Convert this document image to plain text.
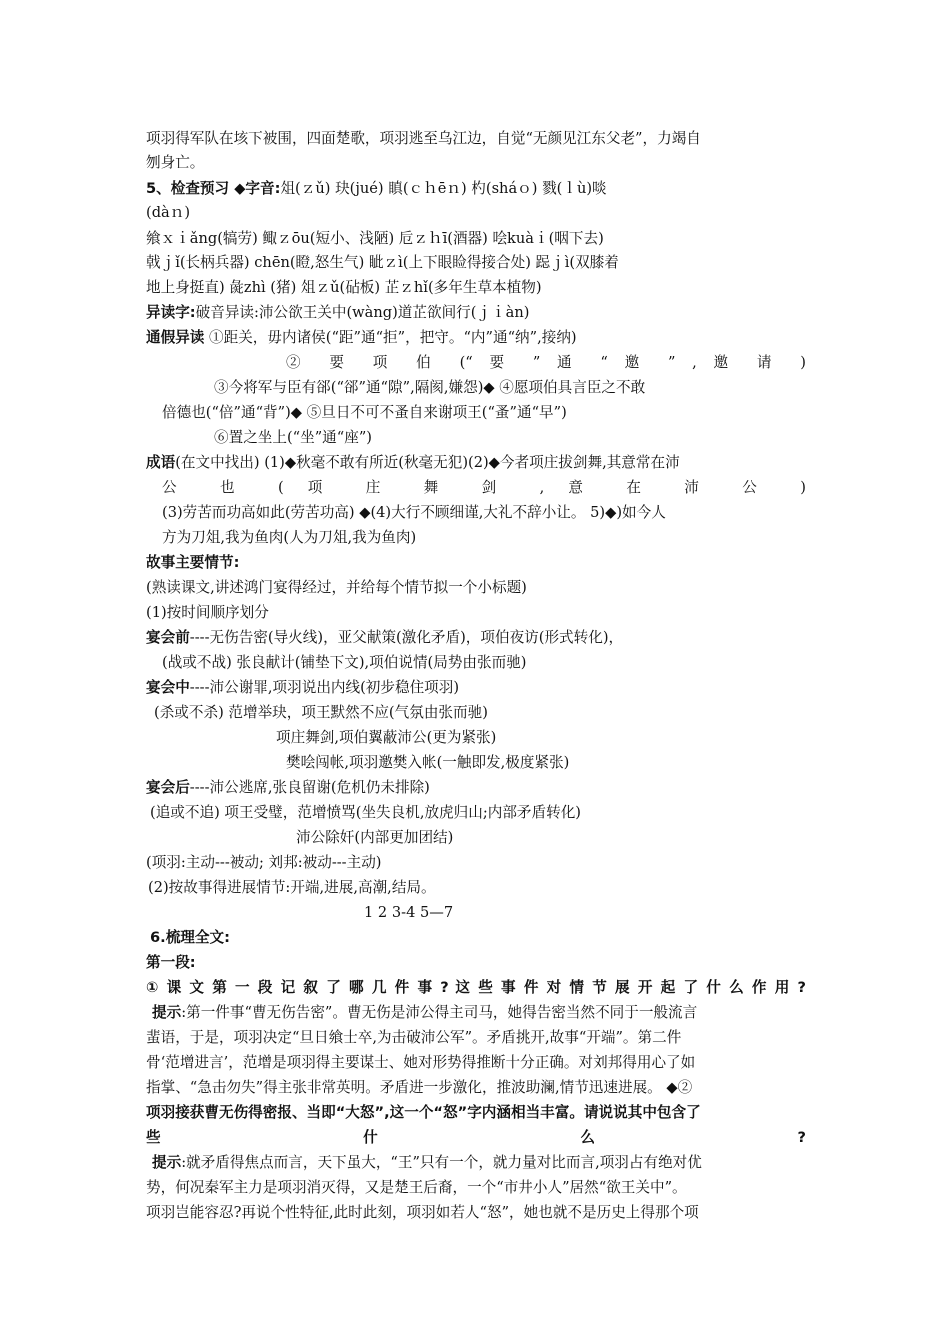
项羽得军队在垓下被围，四面楚歌，项羽逃至乌江边，自觉“无颜见江东父老”，力竭自
刎身亡。
5、检查预习 ◆字音:俎(ｚǔ) 玦(jué) 瞋(ｃｈēｎ) 杓(sháｏ) 戮(ｌù)啖
(dàｎ)
飨ｘｉǎng(犒劳) 鲰ｚōu(短小、浅陋) 卮ｚｈī(酒器) 哙kuàｉ(咽下去)
戟ｊǐ(长柄兵器) chēn(瞪,怒生气) 眦ｚì(上下眼睑得接合处) 跽ｊì(双膝着
地上身挺直) 彘zhì (猪) 俎ｚǔ(砧板) 芷ｚhǐ(多年生草本植物)
异读字:破音异读:沛公欲王关中(wàng)道芷欲间行(ｊｉàn)
通假异读 ①距关，毋内诸侯(“距”通“拒”，把守。“内”通“纳”,接纳)
② 要 项 伯 (“ 要 ” 通 “ 邀 ” , 邀 请 )
③今将军与臣有郤(“郤”通“隙”,隔阂,嫌怨)◆ ④愿项伯具言臣之不敢
倍德也(“倍”通“背”)◆ ⑤旦日不可不蚤自来谢项王(“蚤”通“早”)
⑥置之坐上(“坐”通“座”)
成语(在文中找出) (1)◆秋毫不敢有所近(秋毫无犯)(2)◆今者项庄拔剑舞,其意常在沛
公 也 ( 项 庄 舞 剑 , 意 在 沛 公 )
(3)劳苦而功高如此(劳苦功高) ◆(4)大行不顾细谨,大礼不辞小让。 5)◆)如今人
方为刀俎,我为鱼肉(人为刀俎,我为鱼肉)
故事主要情节:
(熟读课文,讲述鸿门宴得经过，并给每个情节拟一个小标题)
(1)按时间顺序划分
宴会前----无伤告密(导火线)，亚父献策(激化矛盾)，项伯夜访(形式转化)，
(战或不战) 张良献计(铺垫下文),项伯说情(局势由张而驰)
宴会中----沛公谢罪,项羽说出内线(初步稳住项羽)
(杀或不杀) 范增举玦，项王默然不应(气氛由张而驰)
项庄舞剑,项伯翼蔽沛公(更为紧张)
樊哙闯帐,项羽邀樊入帐(一触即发,极度紧张)
宴会后----沛公逃席,张良留谢(危机仍未排除)
(追或不追) 项王受璧，范增愤骂(坐失良机,放虎归山;内部矛盾转化)
沛公除奸(内部更加团结)
(项羽:主动---被动; 刘邦:被动---主动)
(2)按故事得进展情节:开端,进展,高潮,结局。
1 2 3-4 5—7
6.梳理全文:
第一段:
① 课 文 第 一 段 记 叙 了 哪 几 件 事 ? 这 些 事 件 对 情 节 展 开 起 了 什 么 作 用 ?
提示:第一件事“曹无伤告密”。曹无伤是沛公得主司马，她得告密当然不同于一般流言
蜚语，于是，项羽决定“旦日飨士卒,为击破沛公军”。矛盾挑开,故事“开端”。第二件
骨‘范增进言’，范增是项羽得主要谋士、她对形势得推断十分正确。对刘邦得用心了如
指掌、“急击勿失”得主张非常英明。矛盾进一步激化，推波助澜,情节迅速进展。 ◆②
项羽接获曹无伤得密报、当即“大怒”,这一个“怒”字内涵相当丰富。请说说其中包含了
些 什 么 ?
提示:就矛盾得焦点而言，天下虽大，“王”只有一个，就力量对比而言,项羽占有绝对优
势，何况秦军主力是项羽消灭得，又是楚王后裔，一个“市井小人”居然“欲王关中”。
项羽岂能容忍?再说个性特征,此时此刻，项羽如若人“怒”，她也就不是历史上得那个项
